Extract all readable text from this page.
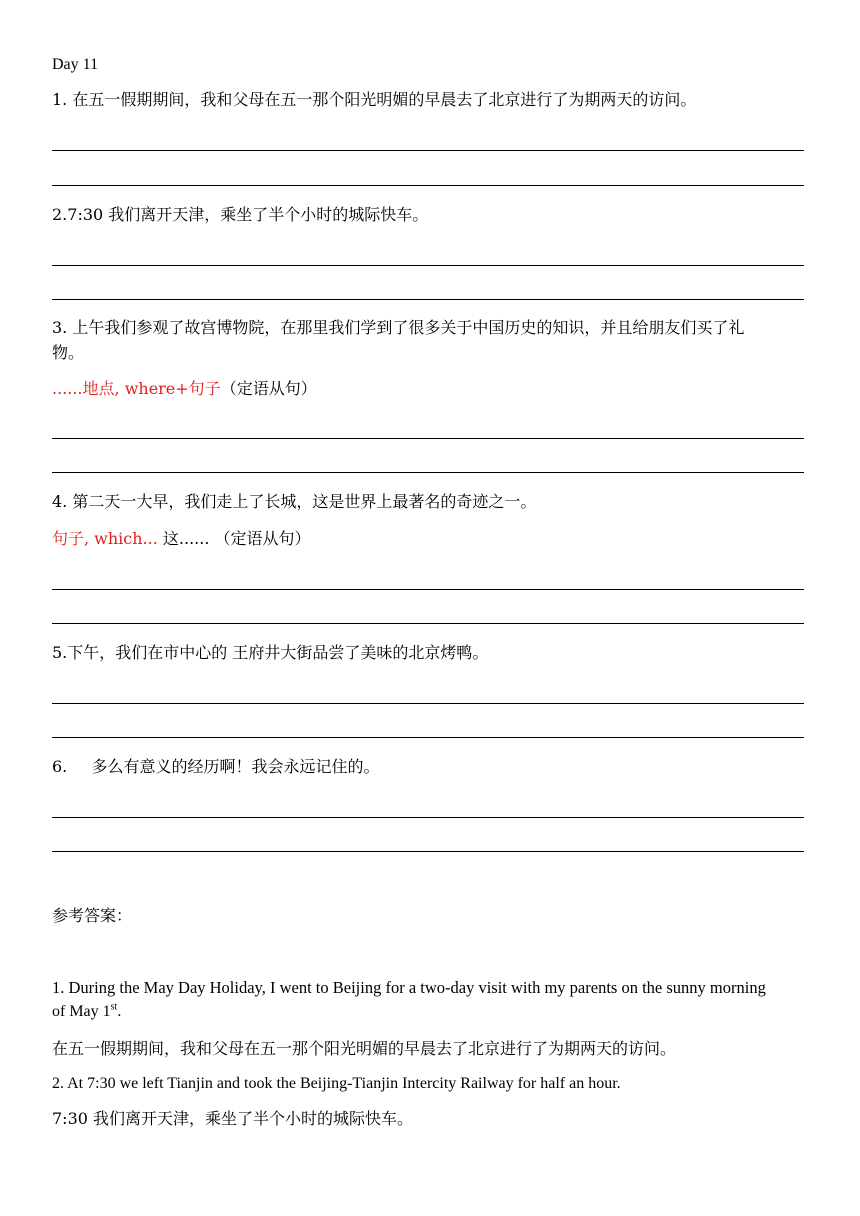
Day 11
1. 在五一假期期间，我和父母在五一那个阳光明媚的早晨去了北京进行了为期两天的访问。
2.7:30 我们离开天津，乘坐了半个小时的城际快车。
3. 上午我们参观了故宫博物院，在那里我们学到了很多关于中国历史的知识，并且给朋友们买了礼
物。
......地点, where+句子（定语从句）
4. 第二天一大早，我们走上了长城，这是世界上最著名的奇迹之一。
句子, which... 这...... （定语从句）
5.下午，我们在市中心的 王府井大街品尝了美味的北京烤鸭。
6. 多么有意义的经历啊！我会永远记住的。
参考答案：
1. During the May Day Holiday, I went to Beijing for a two-day visit with my parents on the sunny morning
of May 1st.
在五一假期期间，我和父母在五一那个阳光明媚的早晨去了北京进行了为期两天的访问。
2. At 7:30 we left Tianjin and took the Beijing-Tianjin Intercity Railway for half an hour.
7:30 我们离开天津，乘坐了半个小时的城际快车。
